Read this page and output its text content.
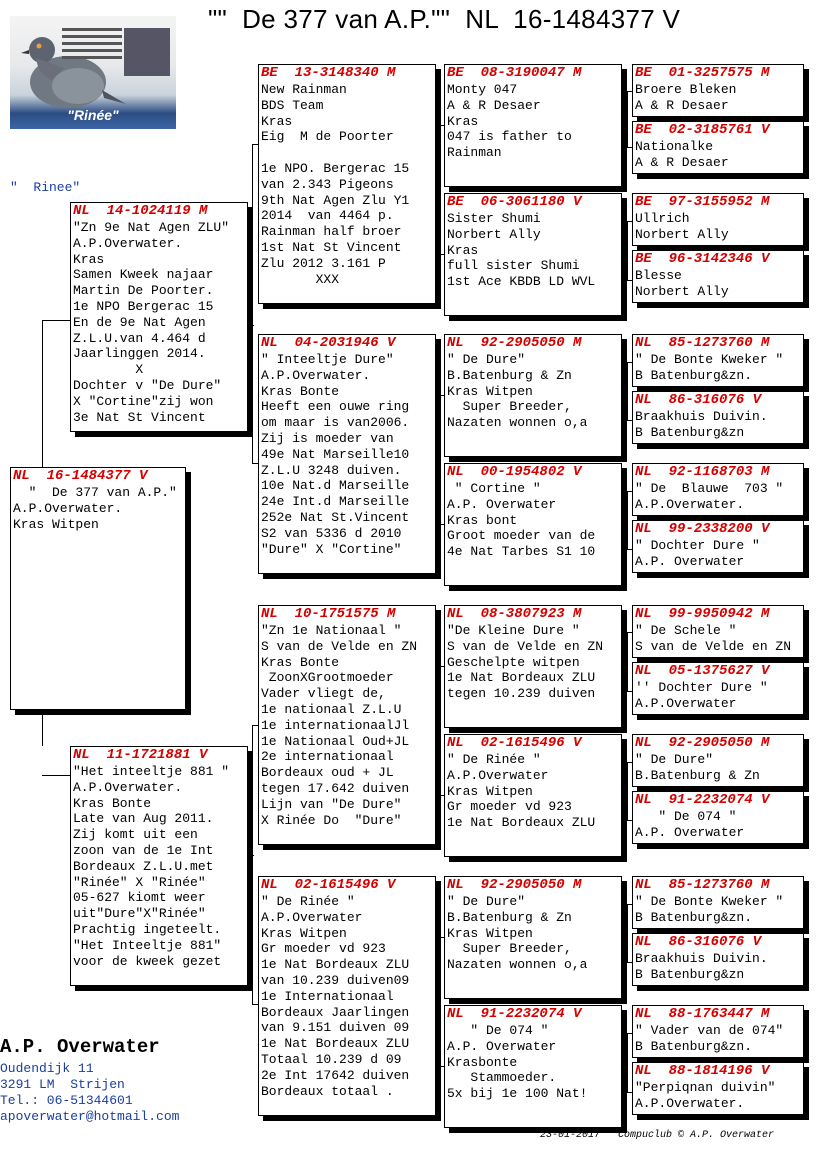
""  De 377 van A.P.""  NL  16-1484377 V
"Rinée"
"  Rinee"
BE  01-3257575 M
Broere Bleken
A & R Desaer
BE  02-3185761 V
Nationalke
A & R Desaer
BE  97-3155952 M
Ullrich
Norbert Ally
BE  96-3142346 V
Blesse
Norbert Ally
NL  85-1273760 M
" De Bonte Kweker "
B Batenburg&zn.
NL  86-316076 V
Braakhuis Duivin.
B Batenburg&zn
NL  92-1168703 M
" De  Blauwe  703 "
A.P.Overwater.
NL  99-2338200 V
" Dochter Dure "
A.P. Overwater
NL  99-9950942 M
" De Schele "
S van de Velde en ZN
NL  05-1375627 V
'' Dochter Dure "
A.P.Overwater
NL  92-2905050 M
" De Dure"
B.Batenburg & Zn
NL  91-2232074 V
" De 074 "
A.P. Overwater
NL  85-1273760 M
" De Bonte Kweker "
B Batenburg&zn.
NL  86-316076 V
Braakhuis Duivin.
B Batenburg&zn
NL  88-1763447 M
" Vader van de 074"
B Batenburg&zn.
NL  88-1814196 V
"Perpiqnan duivin"
A.P.Overwater.
BE  08-3190047 M
Monty 047
A & R Desaer
Kras
047 is father to
Rainman
BE  06-3061180 V
Sister Shumi
Norbert Ally
Kras
full sister Shumi
1st Ace KBDB LD WVL
NL  92-2905050 M
" De Dure"
B.Batenburg & Zn
Kras Witpen
Super Breeder,
Nazaten wonnen o,a
NL  00-1954802 V
" Cortine "
A.P. Overwater
Kras bont
Groot moeder van de
4e Nat Tarbes S1 10
NL  08-3807923 M
"De Kleine Dure "
S van de Velde en ZN
Geschelpte witpen
1e Nat Bordeaux ZLU
tegen 10.239 duiven
NL  02-1615496 V
" De Rinée "
A.P.Overwater
Kras Witpen
Gr moeder vd 923
1e Nat Bordeaux ZLU
NL  92-2905050 M
" De Dure"
B.Batenburg & Zn
Kras Witpen
Super Breeder,
Nazaten wonnen o,a
NL  91-2232074 V
" De 074 "
A.P. Overwater
Krasbonte
Stammoeder.
5x bij 1e 100 Nat!
BE  13-3148340 M
New Rainman
BDS Team
Kras
Eig  M de Poorter

1e NPO. Bergerac 15
van 2.343 Pigeons
9th Nat Agen Zlu Y1
2014  van 4464 p.
Rainman half broer
1st Nat St Vincent
Zlu 2012 3.161 P
XXX
NL  04-2031946 V
" Inteeltje Dure"
A.P.Overwater.
Kras Bonte
Heeft een ouwe ring
om maar is van2006.
Zij is moeder van
49e Nat Marseille10
Z.L.U 3248 duiven.
10e Nat.d Marseille
24e Int.d Marseille
252e Nat St.Vincent
S2 van 5336 d 2010
"Dure" X "Cortine"
NL  10-1751575 M
"Zn 1e Nationaal "
S van de Velde en ZN
Kras Bonte
ZoonXGrootmoeder
Vader vliegt de,
1e nationaal Z.L.U
1e internationaalJl
1e Nationaal Oud+JL
2e internationaal
Bordeaux oud + JL
tegen 17.642 duiven
Lijn van "De Dure"
X Rinée Do  "Dure"
NL  02-1615496 V
" De Rinée "
A.P.Overwater
Kras Witpen
Gr moeder vd 923
1e Nat Bordeaux ZLU
van 10.239 duiven09
1e Internationaal
Bordeaux Jaarlingen
van 9.151 duiven 09
1e Nat Bordeaux ZLU
Totaal 10.239 d 09
2e Int 17642 duiven
Bordeaux totaal .
NL  14-1024119 M
"Zn 9e Nat Agen ZLU"
A.P.Overwater.
Kras
Samen Kweek najaar
Martin De Poorter.
1e NPO Bergerac 15
En de 9e Nat Agen
Z.L.U.van 4.464 d
Jaarlinggen 2014.
X
Dochter v "De Dure"
X "Cortine"zij won
3e Nat St Vincent
NL  11-1721881 V
"Het inteeltje 881 "
A.P.Overwater.
Kras Bonte
Late van Aug 2011.
Zij komt uit een
zoon van de 1e Int
Bordeaux Z.L.U.met
"Rinée" X "Rinée"
05-627 kiomt weer
uit"Dure"X"Rinée"
Prachtig ingeteelt.
"Het Inteeltje 881"
voor de kweek gezet
NL  16-1484377 V
"  De 377 van A.P."
A.P.Overwater.
Kras Witpen
A.P. Overwater
Oudendijk 11
3291 LM  Strijen
Tel.: 06-51344601
apoverwater@hotmail.com
23-01-2017   Compuclub © A.P. Overwater
